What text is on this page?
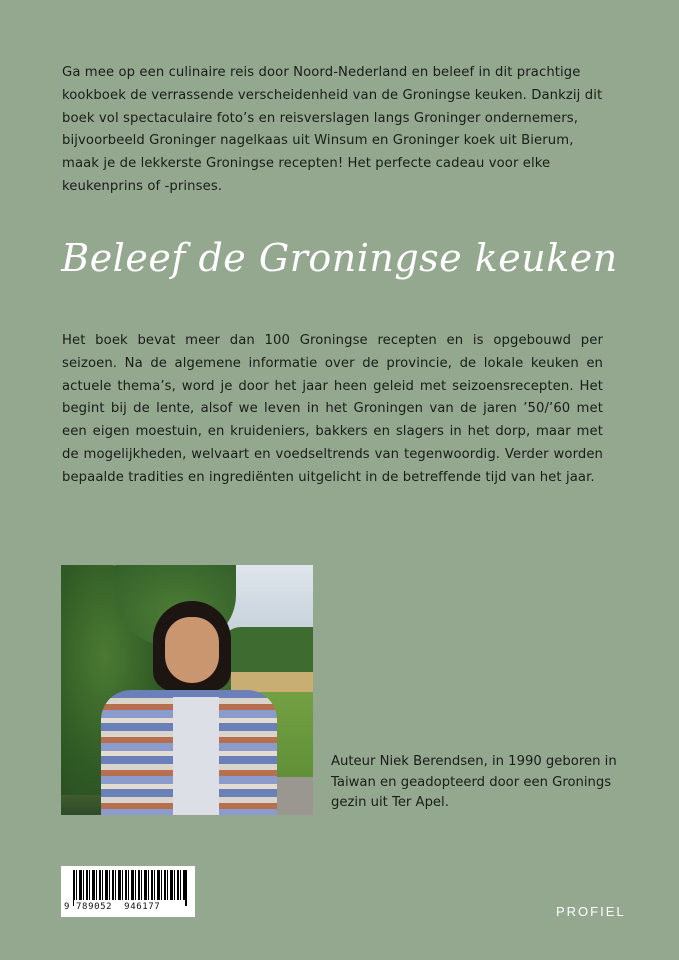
Ga mee op een culinaire reis door Noord-Nederland en beleef in dit prachtige kookboek de verrassende verscheidenheid van de Groningse keuken. Dankzij dit boek vol spectaculaire foto’s en reisverslagen langs Groninger ondernemers, bijvoorbeeld Groninger nagelkaas uit Winsum en Groninger koek uit Bierum, maak je de lekkerste Groningse recepten! Het perfecte cadeau voor elke keukenprins of -prinses.
Beleef de Groningse keuken
Het boek bevat meer dan 100 Groningse recepten en is opgebouwd per seizoen. Na de algemene informatie over de provincie, de lokale keuken en actuele thema’s, word je door het jaar heen geleid met seizoensrecepten. Het begint bij de lente, alsof we leven in het Groningen van de jaren ’50/’60 met een eigen moestuin, en kruideniers, bakkers en slagers in het dorp, maar met de mogelijkheden, welvaart en voedseltrends van tegenwoordig. Verder worden bepaalde tradities en ingrediënten uitgelicht in de betreffende tijd van het jaar.
Auteur Niek Berendsen, in 1990 geboren in Taiwan en geadopteerd door een Gronings gezin uit Ter Apel.
9 789052  946177	PROFIEL
